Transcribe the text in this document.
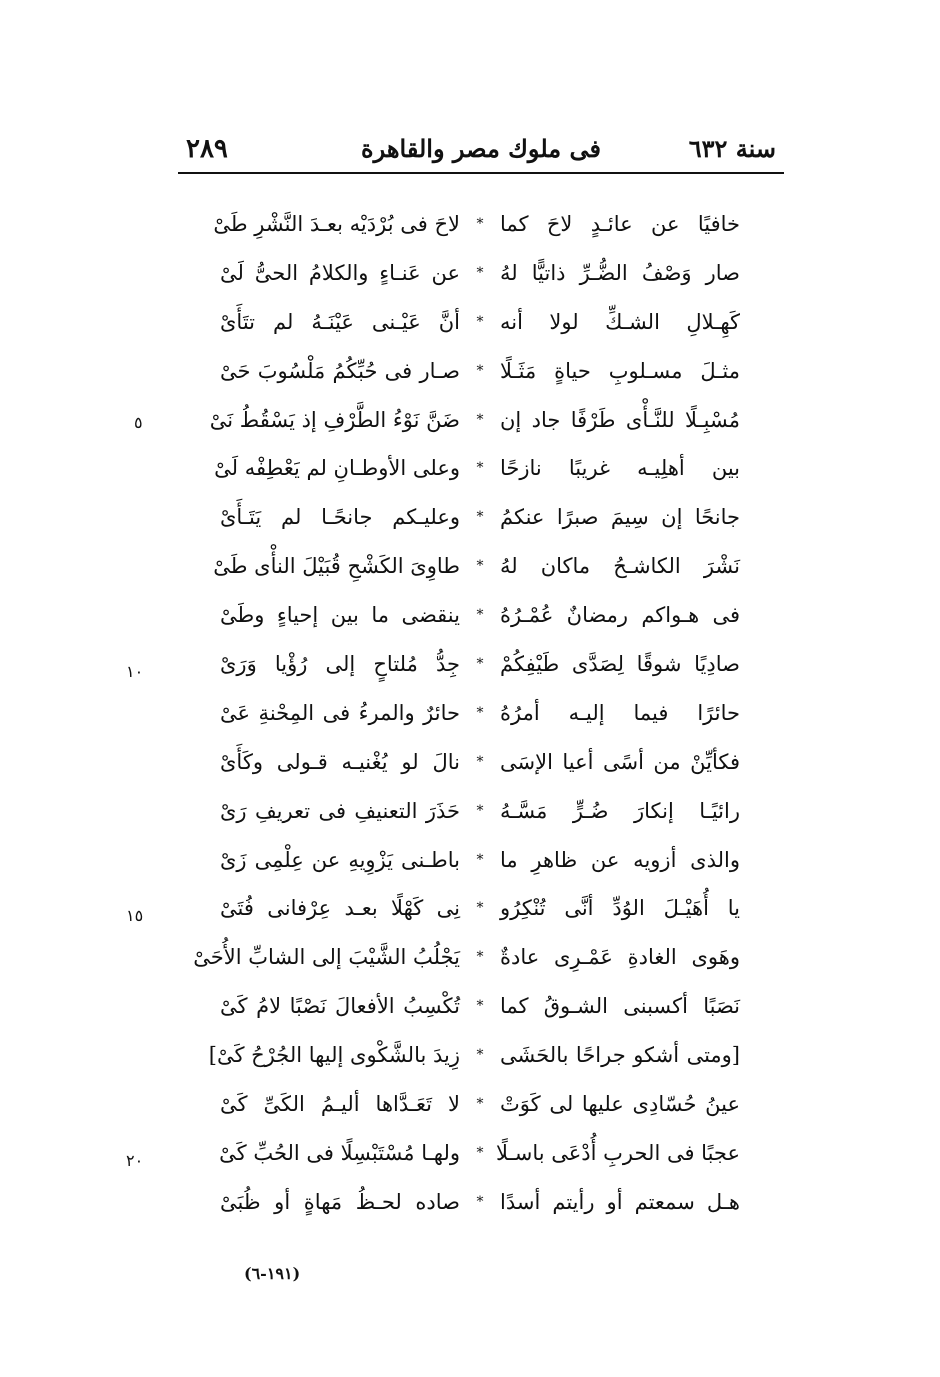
٢٨٩	فى ملوك مصر والقاهرة	سنة ٦٣٢
خافيًا عن عائـدٍ لاحَ كما
*
لاحَ فى بُرْدَيْه بعـدَ النَّشْرِ طَىْ
صار وَصْفُ الضُّـرِّ ذاتيًّا لهُ
*
عن عَنـاءٍ والكلامُ الحىُّ لَىْ
كَهِـلالِ الشـكِّ لولا أنه
*
أنَّ عَيْـنى عَيْنَـهُ لم تتَأَىْ
مثـلَ مسـلوبِ حياةٍ مَثَـلًا
*
صـار فى حُبِّكُمُ مَلْسُوبَ حَىْ
مُسْبِـلًا للنَّـأْى طَرْفًا جاد إن
*
ضَنَّ نَوْءُ الطَّرْفِ إذ يَسْقُطُ نَىْ
بين أهلِيـه غريبًا نازحًا
*
وعلى الأوطـانِ لم يَعْطِفْه لَىْ
جانحًا إن سِيمَ صبرًا عنكمُ
*
وعليـكم جانحًـا لم يَتَـأَىْ
نَشْرَ الكاشـحُ ماكان لهُ
*
طاوِىَ الكَشْحِ قُبَيْلَ النأْى طَىْ
فى هـواكم رمضانٌ عُمْـرُهُ
*
ينقضى ما بين إحياءٍ وطَىْ
صادِيًا شوقًا لِصَدَّى طَيْفِكُمْ
*
جِدُّ مُلتاحٍ إلى رُؤْيا وَرَىْ
حائرًا فيما إليـه أمرُهُ
*
حائرٌ والمرءُ فى المِحْنةِ عَىْ
فكأيِّنْ من أسًى أعيا الإسَى
*
نالَ لو يُغْنيـه قـولى وكَأَىْ
رائيًـا إنكارَ ضُـرٍّ مَسَّـهُ
*
حَذَرَ التعنيفِ فى تعريفِ رَىْ
والذى أزويه عن ظاهرِ ما
*
باطـنى يَزْوِيهِ عن عِلْمِى زَىْ
يا أُهَيْـلَ الوُدِّ أنَّى تُنْكِرُو
*
نِى كَهْلًا بعـد عِرْفانى فُتَىْ
وهَوى الغادةِ عَمْـرِى عادةٌ
*
يَجْلُبُ الشَّيْبَ إلى الشابِّ الأُحَىْ
نَصَبًا أكسبنى الشـوقُ كما
*
تُكْسِبُ الأفعالَ نَصْبًا لامُ كَىْ
[ومتى أشكو جراحًا بالحَشَى
*
زِيدَ بالشَّكْوى إليها الجُرْحُ كَىْ]
عينُ حُسّادِى عليها لى كَوَتْ
*
لا تَعَـدَّاها أليـمُ الكَىِّ كَىْ
عجبًا فى الحربِ أُدْعَى باسـلًا
*
ولهـا مُسْتَبْسِلًا فى الحُبِّ كَىْ
هـل سمعتم أو رأيتم أسدًا
*
صاده لحـظُ مَهاةٍ أو ظُبَىْ
٥
١٠
١٥
٢٠
(١٩١-٦)
